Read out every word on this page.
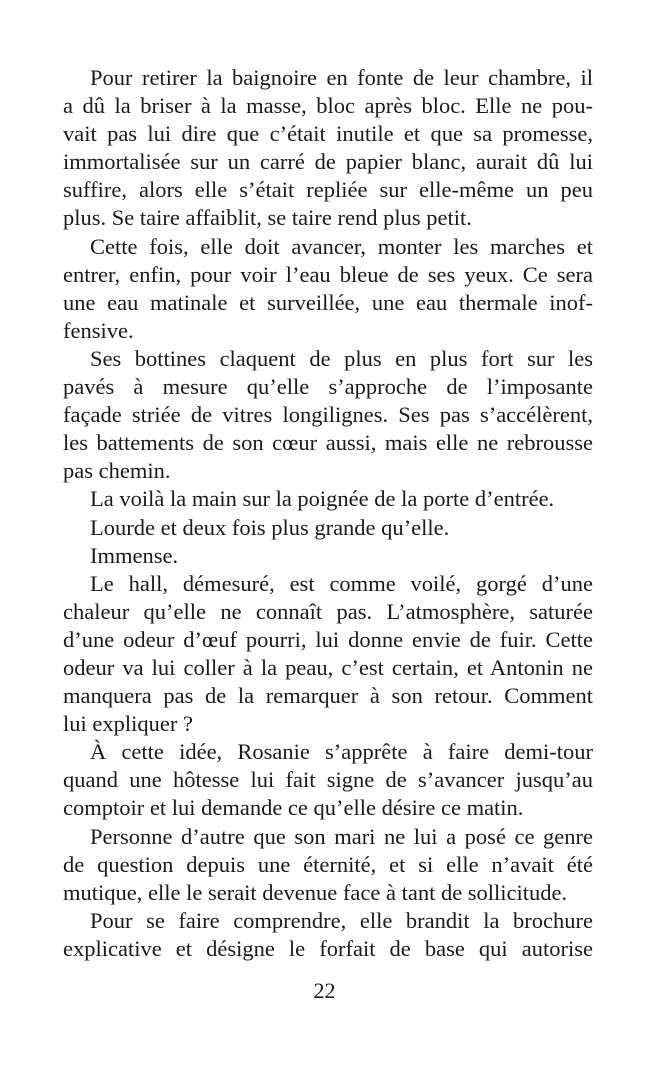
Pour retirer la baignoire en fonte de leur chambre, il
a dû la briser à la masse, bloc après bloc. Elle ne pou-
vait pas lui dire que c’était inutile et que sa promesse,
immortalisée sur un carré de papier blanc, aurait dû lui
suffire, alors elle s’était repliée sur elle-même un peu
plus. Se taire affaiblit, se taire rend plus petit.
Cette fois, elle doit avancer, monter les marches et
entrer, enfin, pour voir l’eau bleue de ses yeux. Ce sera
une eau matinale et surveillée, une eau thermale inof-
fensive.
Ses bottines claquent de plus en plus fort sur les
pavés à mesure qu’elle s’approche de l’imposante
façade striée de vitres longilignes. Ses pas s’accélèrent,
les battements de son cœur aussi, mais elle ne rebrousse
pas chemin.
La voilà la main sur la poignée de la porte d’entrée.
Lourde et deux fois plus grande qu’elle.
Immense.
Le hall, démesuré, est comme voilé, gorgé d’une
chaleur qu’elle ne connaît pas. L’atmosphère, saturée
d’une odeur d’œuf pourri, lui donne envie de fuir. Cette
odeur va lui coller à la peau, c’est certain, et Antonin ne
manquera pas de la remarquer à son retour. Comment
lui expliquer ?
À cette idée, Rosanie s’apprête à faire demi-tour
quand une hôtesse lui fait signe de s’avancer jusqu’au
comptoir et lui demande ce qu’elle désire ce matin.
Personne d’autre que son mari ne lui a posé ce genre
de question depuis une éternité, et si elle n’avait été
mutique, elle le serait devenue face à tant de sollicitude.
Pour se faire comprendre, elle brandit la brochure
explicative et désigne le forfait de base qui autorise
22
